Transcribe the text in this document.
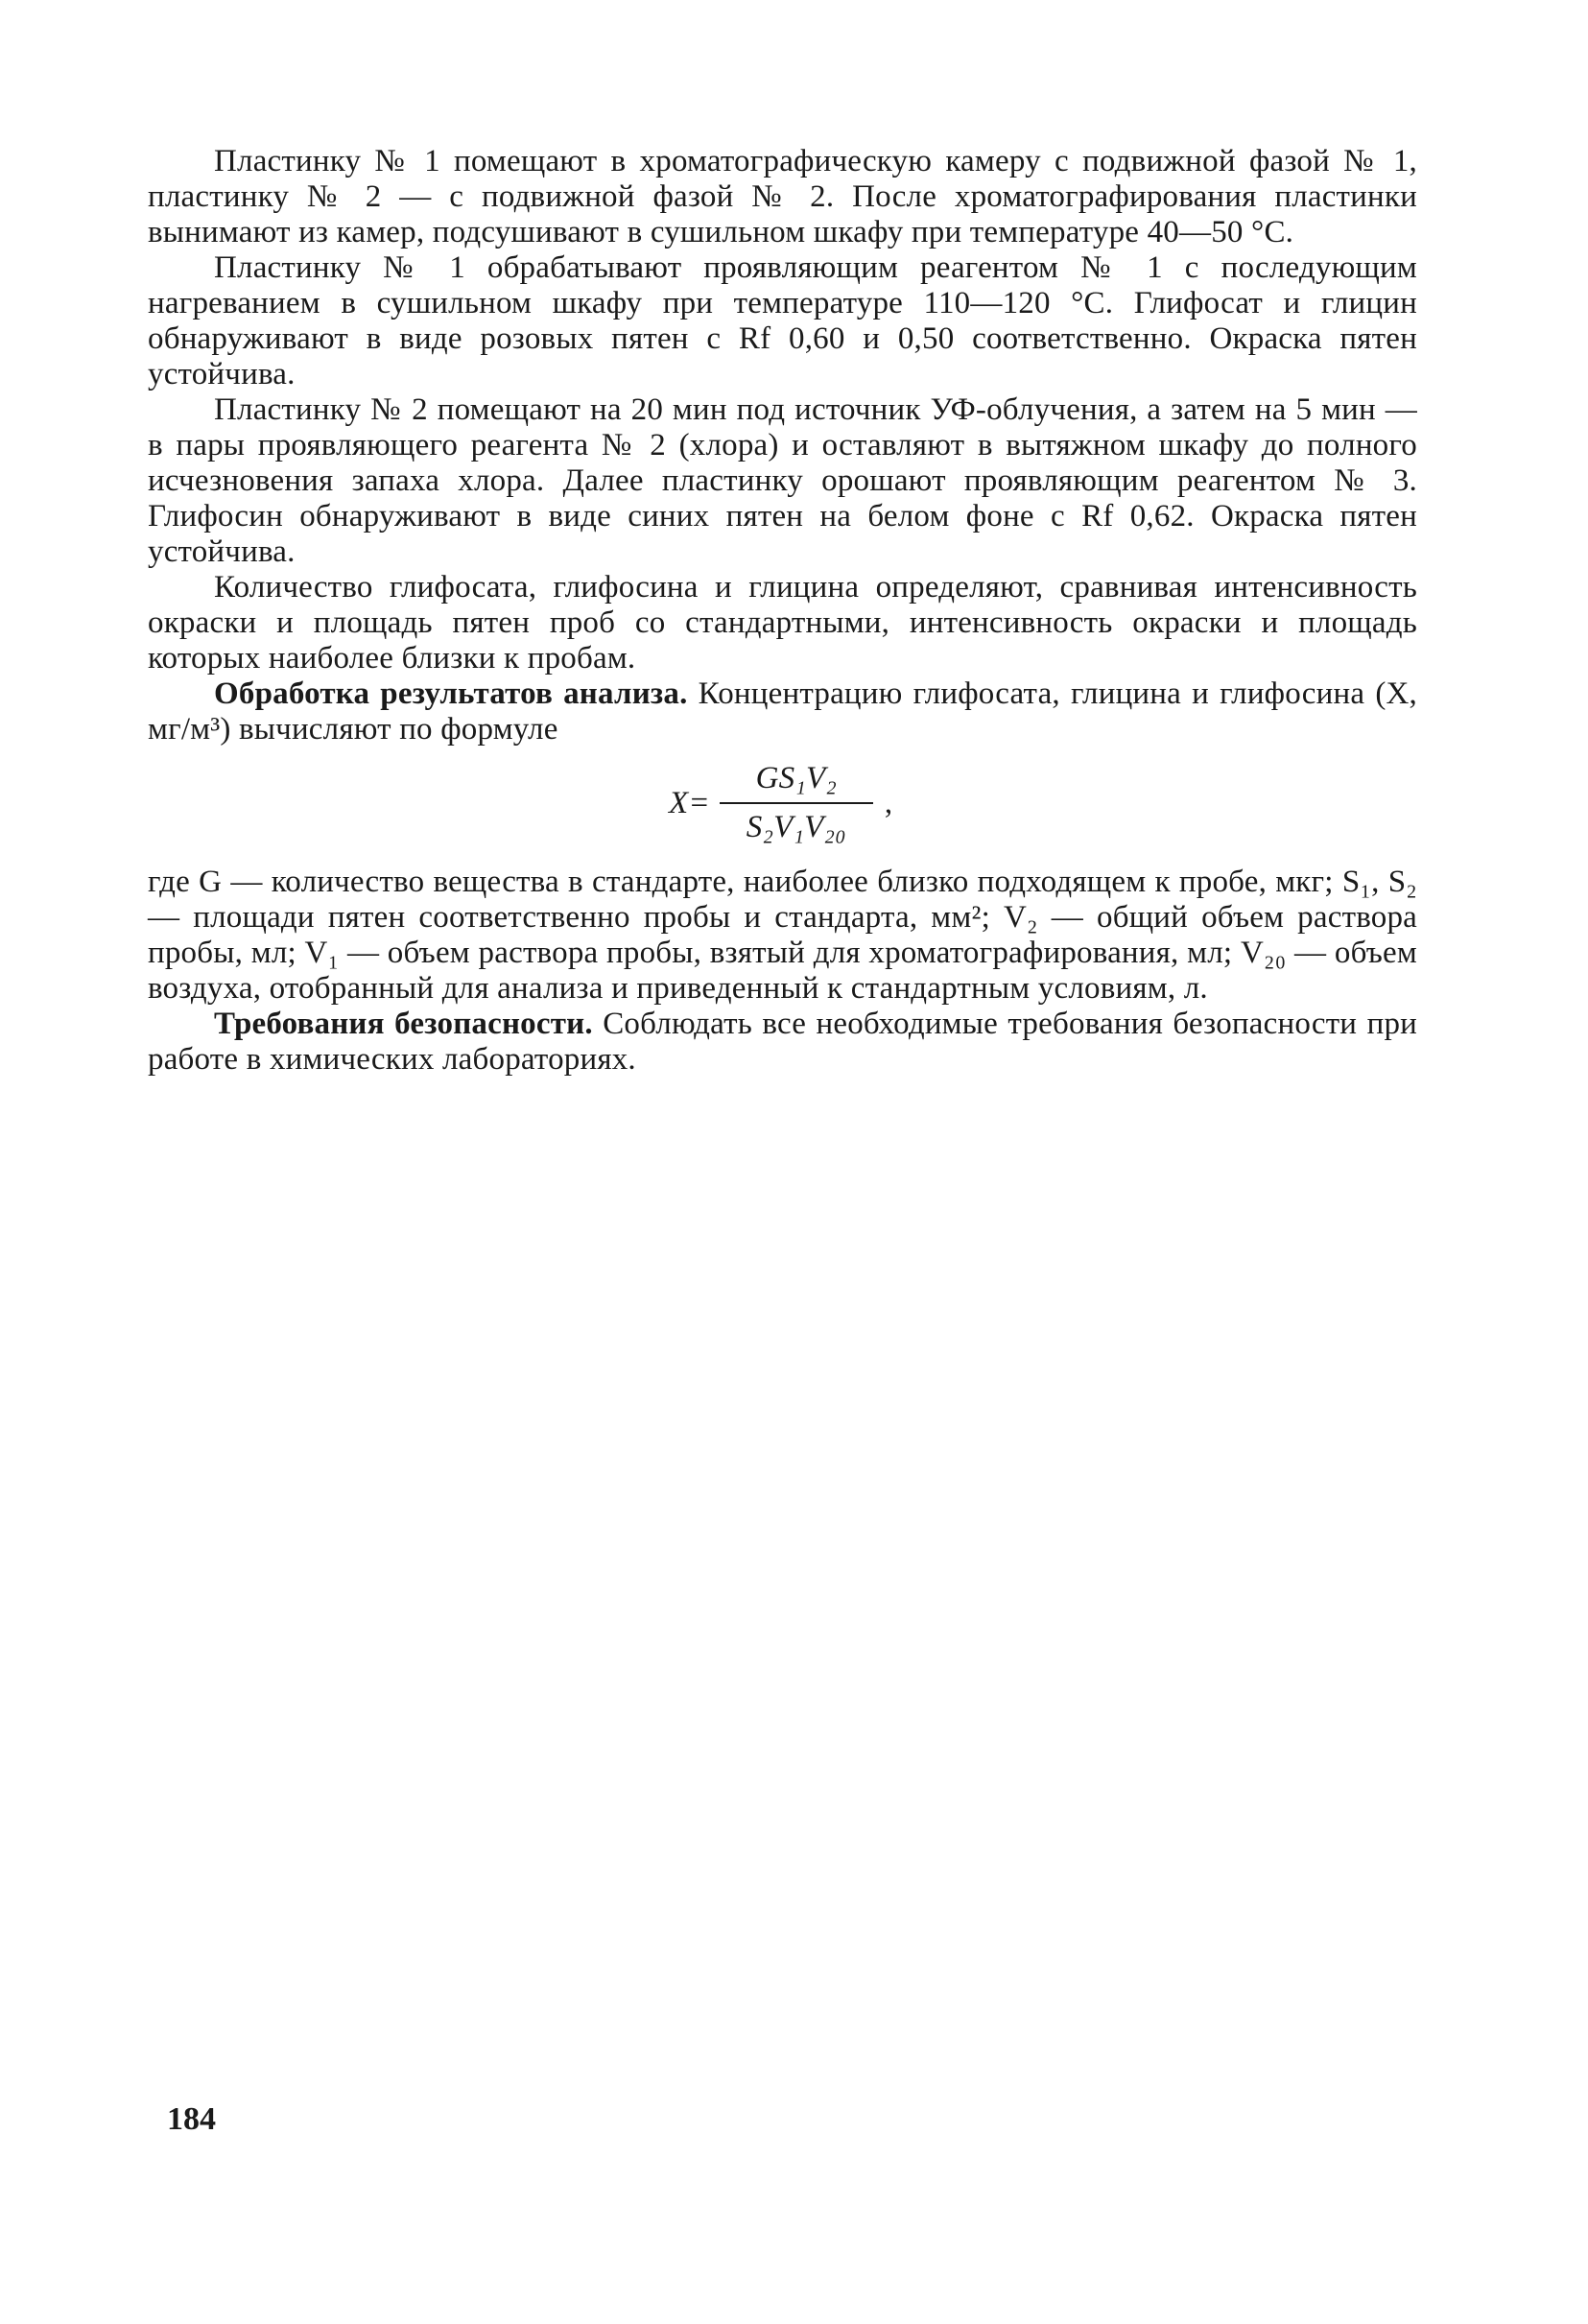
Пластинку № 1 помещают в хроматографическую камеру с подвижной фазой № 1, пластинку № 2 — с подвижной фазой № 2. После хроматографирования пластинки вынимают из камер, подсушивают в сушильном шкафу при температуре 40—50 °С.

Пластинку № 1 обрабатывают проявляющим реагентом № 1 с последующим нагреванием в сушильном шкафу при температуре 110—120 °С. Глифосат и глицин обнаруживают в виде розовых пятен с Rf 0,60 и 0,50 соответственно. Окраска пятен устойчива.

Пластинку № 2 помещают на 20 мин под источник УФ-облучения, а затем на 5 мин — в пары проявляющего реагента № 2 (хлора) и оставляют в вытяжном шкафу до полного исчезновения запаха хлора. Далее пластинку орошают проявляющим реагентом № 3. Глифосин обнаруживают в виде синих пятен на белом фоне с Rf 0,62. Окраска пятен устойчива.

Количество глифосата, глифосина и глицина определяют, сравнивая интенсивность окраски и площадь пятен проб со стандартными, интенсивность окраски и площадь которых наиболее близки к пробам.

Обработка результатов анализа. Концентрацию глифосата, глицина и глифосина (X, мг/м³) вычисляют по формуле

$X= \frac{\text{GS₁V₂}}{\text{S₂V₁V₂₀}}$ ,

где G — количество вещества в стандарте, наиболее близко подходящем к пробе, мкг; S₁, S₂ — площади пятен соответственно пробы и стандарта, мм²; V₂ — общий объем раствора пробы, мл; V₁ — объем раствора пробы, взятый для хроматографирования, мл; V₂₀ — объем воздуха, отобранный для анализа и приведенный к стандартным условиям, л.

Требования безопасности. Соблюдать все необходимые требования безопасности при работе в химических лабораториях.

184
